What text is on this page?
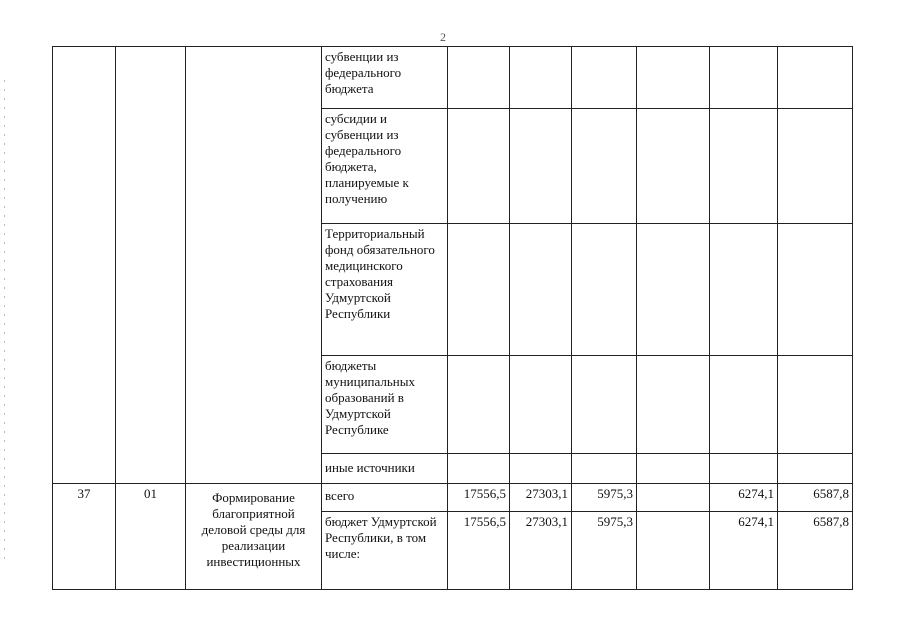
2
			субвенции из федерального бюджета						
			субсидии и субвенции из федерального бюджета, планируемые к получению						
			Территориальный фонд обязательного медицинского страхования Удмуртской Республики						
			бюджеты муниципальных образований в Удмуртской Республике						
			иные источники						
37	01	Формирование благоприятной деловой среды для реализации инвестиционных	всего	17556,5	27303,1	5975,3		6274,1	6587,8
			бюджет Удмуртской Республики, в том числе:	17556,5	27303,1	5975,3		6274,1	6587,8
